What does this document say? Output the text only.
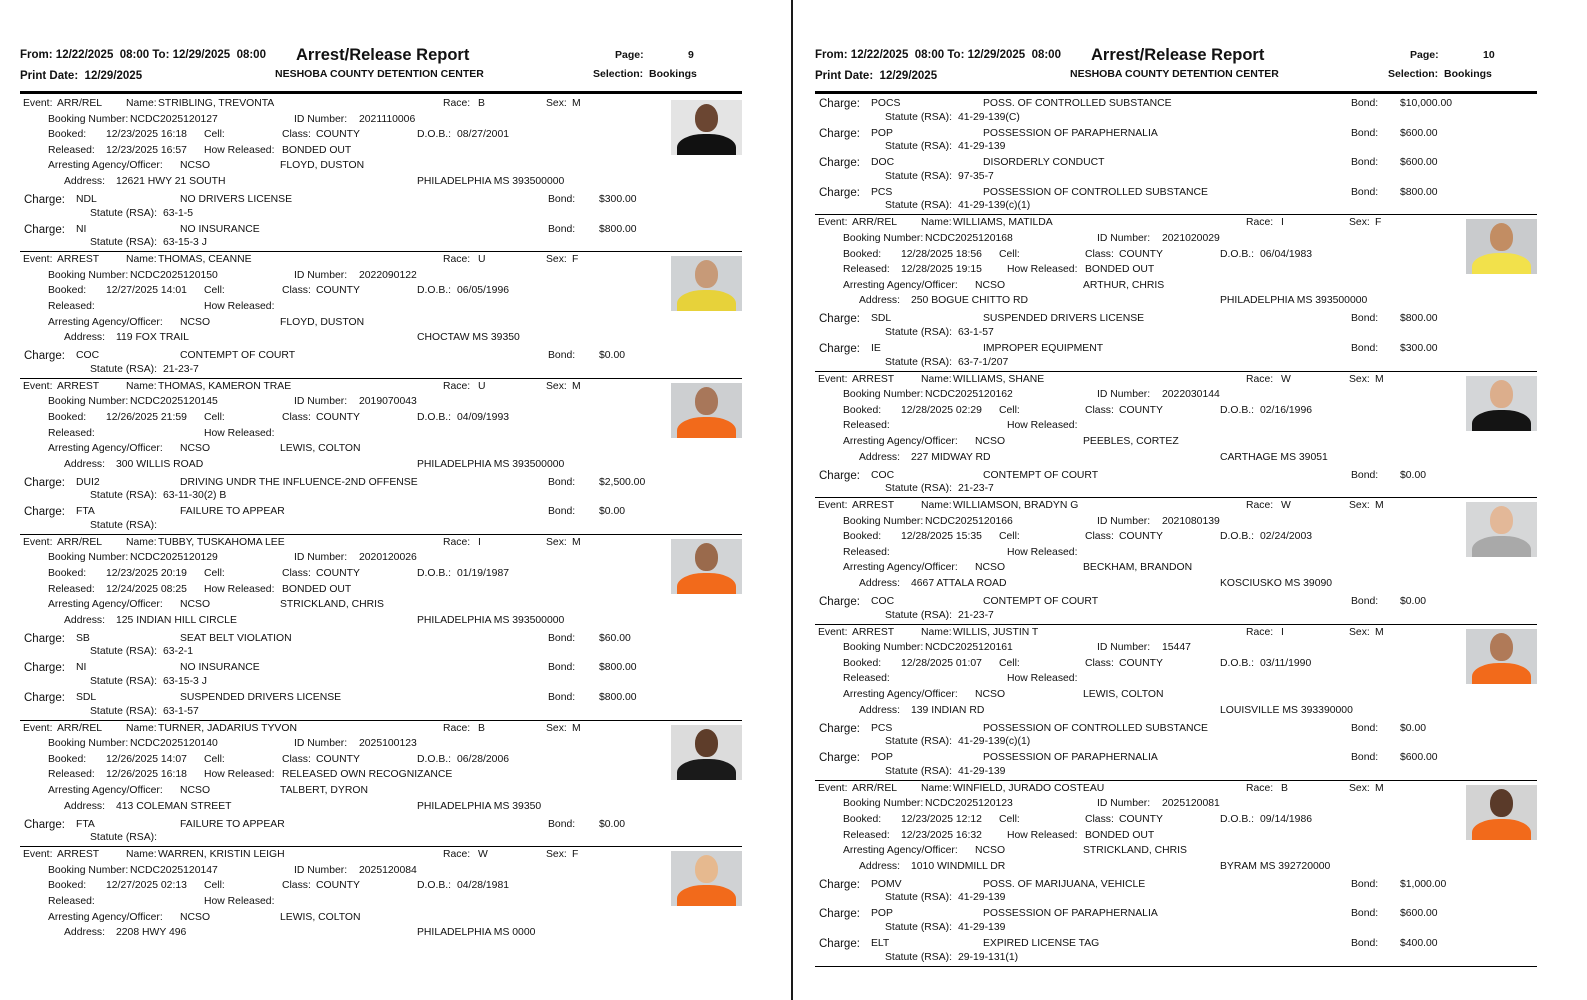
From: 12/22/2025 08:00 To: 12/29/2025 08:00 Arrest/Release Report	Page:	9
Print Date: 12/29/2025	NESHOBA COUNTY DETENTION CENTER	Selection: Bookings
Event: ARR/REL Name: STRIBLING, TREVONTA	Race: B	Sex: M
Booking Number: NCDC2025120127	ID Number: 2021110006
Booked: 12/23/2025 16:18 Cell:	Class: COUNTY	D.O.B.: 08/27/2001
Released: 12/23/2025 16:57 How Released: BONDED OUT
Arresting Agency/Officer: NCSO	FLOYD, DUSTON
Address: 12621 HWY 21 SOUTH	PHILADELPHIA MS 393500000
Charge: NDL	NO DRIVERS LICENSE	Bond: $300.00
Statute (RSA): 63-1-5
Charge: NI	NO INSURANCE	Bond: $800.00
Statute (RSA): 63-15-3 J
Event: ARREST	Name: THOMAS, CEANNE	Race: U	Sex: F
Booking Number: NCDC2025120150	ID Number: 2022090122
Booked: 12/27/2025 14:01 Cell:	Class: COUNTY	D.O.B.: 06/05/1996
Released:	How Released:
Arresting Agency/Officer: NCSO	FLOYD, DUSTON
Address: 119 FOX TRAIL	CHOCTAW MS 39350
Charge: COC	CONTEMPT OF COURT	Bond: $0.00
Statute (RSA): 21-23-7
Event: ARREST	Name: THOMAS, KAMERON TRAE	Race: U	Sex: M
Booking Number: NCDC2025120145	ID Number: 2019070043
Booked: 12/26/2025 21:59 Cell:	Class: COUNTY	D.O.B.: 04/09/1993
Released:	How Released:
Arresting Agency/Officer: NCSO	LEWIS, COLTON
Address: 300 WILLIS ROAD	PHILADELPHIA MS 393500000
Charge: DUI2	DRIVING UNDR THE INFLUENCE-2ND OFFENSE	Bond: $2,500.00
Statute (RSA): 63-11-30(2) B
Charge: FTA	FAILURE TO APPEAR	Bond: $0.00
Statute (RSA):
Event: ARR/REL Name: TUBBY, TUSKAHOMA LEE	Race: I	Sex: M
Booking Number: NCDC2025120129	ID Number: 2020120026
Booked: 12/23/2025 20:19 Cell:	Class: COUNTY	D.O.B.: 01/19/1987
Released: 12/24/2025 08:25 How Released: BONDED OUT
Arresting Agency/Officer: NCSO	STRICKLAND, CHRIS
Address: 125 INDIAN HILL CIRCLE	PHILADELPHIA MS 393500000
Charge: SB	SEAT BELT VIOLATION	Bond: $60.00
Statute (RSA): 63-2-1
Charge: NI	NO INSURANCE	Bond: $800.00
Statute (RSA): 63-15-3 J
Charge: SDL	SUSPENDED DRIVERS LICENSE	Bond: $800.00
Statute (RSA): 63-1-57
Event: ARR/REL Name: TURNER, JADARIUS TYVON	Race: B	Sex: M
Booking Number: NCDC2025120140	ID Number: 2025100123
Booked: 12/26/2025 14:07 Cell:	Class: COUNTY	D.O.B.: 06/28/2006
Released: 12/26/2025 16:18 How Released: RELEASED OWN RECOGNIZANCE
Arresting Agency/Officer: NCSO	TALBERT, DYRON
Address: 413 COLEMAN STREET	PHILADELPHIA MS 39350
Charge: FTA	FAILURE TO APPEAR	Bond: $0.00
Statute (RSA):
Event: ARREST	Name: WARREN, KRISTIN LEIGH	Race: W	Sex: F
Booking Number: NCDC2025120147	ID Number: 2025120084
Booked: 12/27/2025 02:13 Cell:	Class: COUNTY	D.O.B.: 04/28/1981
Released:	How Released:
Arresting Agency/Officer: NCSO	LEWIS, COLTON
Address: 2208 HWY 496	PHILADELPHIA MS 0000
From: 12/22/2025 08:00 To: 12/29/2025 08:00 Arrest/Release Report	Page:	10
Print Date: 12/29/2025	NESHOBA COUNTY DETENTION CENTER	Selection: Bookings
Charge: POCS	POSS. OF CONTROLLED SUBSTANCE	Bond: $10,000.00
Statute (RSA): 41-29-139(C)
Charge: POP	POSSESSION OF PARAPHERNALIA	Bond: $600.00
Statute (RSA): 41-29-139
Charge: DOC	DISORDERLY CONDUCT	Bond: $600.00
Statute (RSA): 97-35-7
Charge: PCS	POSSESSION OF CONTROLLED SUBSTANCE	Bond: $800.00
Statute (RSA): 41-29-139(c)(1)
Event: ARR/REL Name: WILLIAMS, MATILDA	Race: I	Sex: F
Booking Number: NCDC2025120168	ID Number: 2021020029
Booked: 12/28/2025 18:56 Cell:	Class: COUNTY	D.O.B.: 06/04/1983
Released: 12/28/2025 19:15 How Released: BONDED OUT
Arresting Agency/Officer: NCSO	ARTHUR, CHRIS
Address: 250 BOGUE CHITTO RD	PHILADELPHIA MS 393500000
Charge: SDL	SUSPENDED DRIVERS LICENSE	Bond: $800.00
Statute (RSA): 63-1-57
Charge: IE	IMPROPER EQUIPMENT	Bond: $300.00
Statute (RSA): 63-7-1/207
Event: ARREST	Name: WILLIAMS, SHANE	Race: W	Sex: M
Booking Number: NCDC2025120162	ID Number: 2022030144
Booked: 12/28/2025 02:29 Cell:	Class: COUNTY	D.O.B.: 02/16/1996
Released:	How Released:
Arresting Agency/Officer: NCSO	PEEBLES, CORTEZ
Address: 227 MIDWAY RD	CARTHAGE MS 39051
Charge: COC	CONTEMPT OF COURT	Bond: $0.00
Statute (RSA): 21-23-7
Event: ARREST	Name: WILLIAMSON, BRADYN G	Race: W	Sex: M
Booking Number: NCDC2025120166	ID Number: 2021080139
Booked: 12/28/2025 15:35 Cell:	Class: COUNTY	D.O.B.: 02/24/2003
Released:	How Released:
Arresting Agency/Officer: NCSO	BECKHAM, BRANDON
Address: 4667 ATTALA ROAD	KOSCIUSKO MS 39090
Charge: COC	CONTEMPT OF COURT	Bond: $0.00
Statute (RSA): 21-23-7
Event: ARREST	Name: WILLIS, JUSTIN T	Race: I	Sex: M
Booking Number: NCDC2025120161	ID Number: 15447
Booked: 12/28/2025 01:07 Cell:	Class: COUNTY	D.O.B.: 03/11/1990
Released:	How Released:
Arresting Agency/Officer: NCSO	LEWIS, COLTON
Address: 139 INDIAN RD	LOUISVILLE MS 393390000
Charge: PCS	POSSESSION OF CONTROLLED SUBSTANCE	Bond: $0.00
Statute (RSA): 41-29-139(c)(1)
Charge: POP	POSSESSION OF PARAPHERNALIA	Bond: $600.00
Statute (RSA): 41-29-139
Event: ARR/REL Name: WINFIELD, JURADO COSTEAU	Race: B	Sex: M
Booking Number: NCDC2025120123	ID Number: 2025120081
Booked: 12/23/2025 12:12 Cell:	Class: COUNTY	D.O.B.: 09/14/1986
Released: 12/23/2025 16:32 How Released: BONDED OUT
Arresting Agency/Officer: NCSO	STRICKLAND, CHRIS
Address: 1010 WINDMILL DR	BYRAM MS 392720000
Charge: POMV	POSS. OF MARIJUANA, VEHICLE	Bond: $1,000.00
Statute (RSA): 41-29-139
Charge: POP	POSSESSION OF PARAPHERNALIA	Bond: $600.00
Statute (RSA): 41-29-139
Charge: ELT	EXPIRED LICENSE TAG	Bond: $400.00
Statute (RSA): 29-19-131(1)
